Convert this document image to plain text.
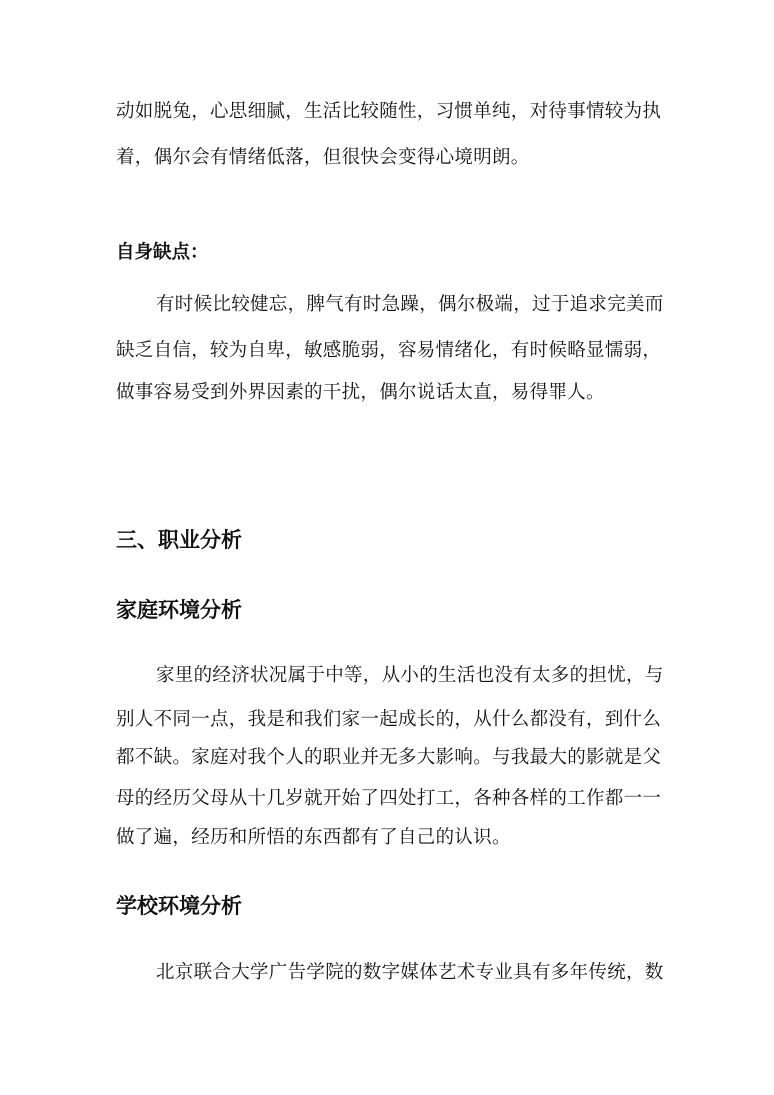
动如脱兔，心思细腻，生活比较随性，习惯单纯，对待事情较为执
着，偶尔会有情绪低落，但很快会变得心境明朗。
自身缺点：
有时候比较健忘，脾气有时急躁，偶尔极端，过于追求完美而
缺乏自信，较为自卑，敏感脆弱，容易情绪化，有时候略显懦弱，
做事容易受到外界因素的干扰，偶尔说话太直，易得罪人。
三、职业分析
家庭环境分析
家里的经济状况属于中等，从小的生活也没有太多的担忧，与
别人不同一点，我是和我们家一起成长的，从什么都没有，到什么
都不缺。家庭对我个人的职业并无多大影响。与我最大的影就是父
母的经历父母从十几岁就开始了四处打工，各种各样的工作都一一
做了遍，经历和所悟的东西都有了自己的认识。
学校环境分析
北京联合大学广告学院的数字媒体艺术专业具有多年传统，数
